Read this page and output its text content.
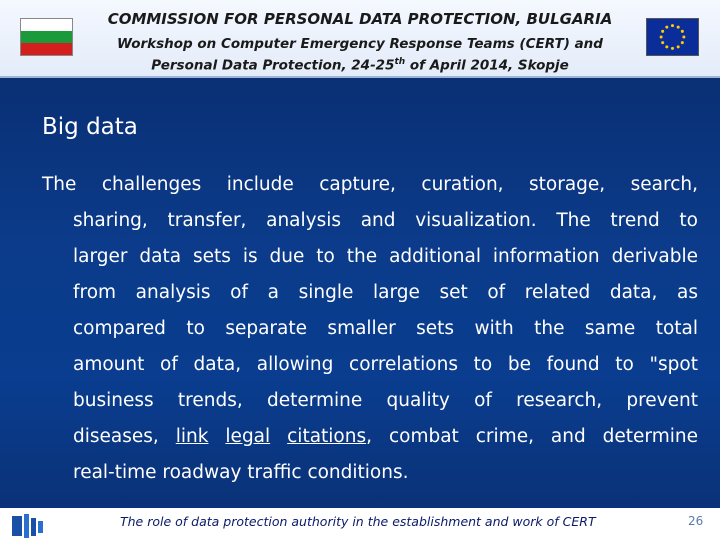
COMMISSION FOR PERSONAL DATA PROTECTION, BULGARIA
Workshop on Computer Emergency Response Teams (CERT) and
Personal Data Protection, 24-25th of April 2014, Skopje
Big data
The challenges include capture, curation, storage, search,
sharing, transfer, analysis and visualization. The trend to
larger data sets is due to the additional information derivable
from analysis of a single large set of related data, as
compared to separate smaller sets with the same total
amount of data, allowing correlations to be found to "spot
business trends, determine quality of research, prevent
diseases, link legal citations, combat crime, and determine
real-time roadway traffic conditions.
The role of data protection authority in the establishment and work of CERT	26
